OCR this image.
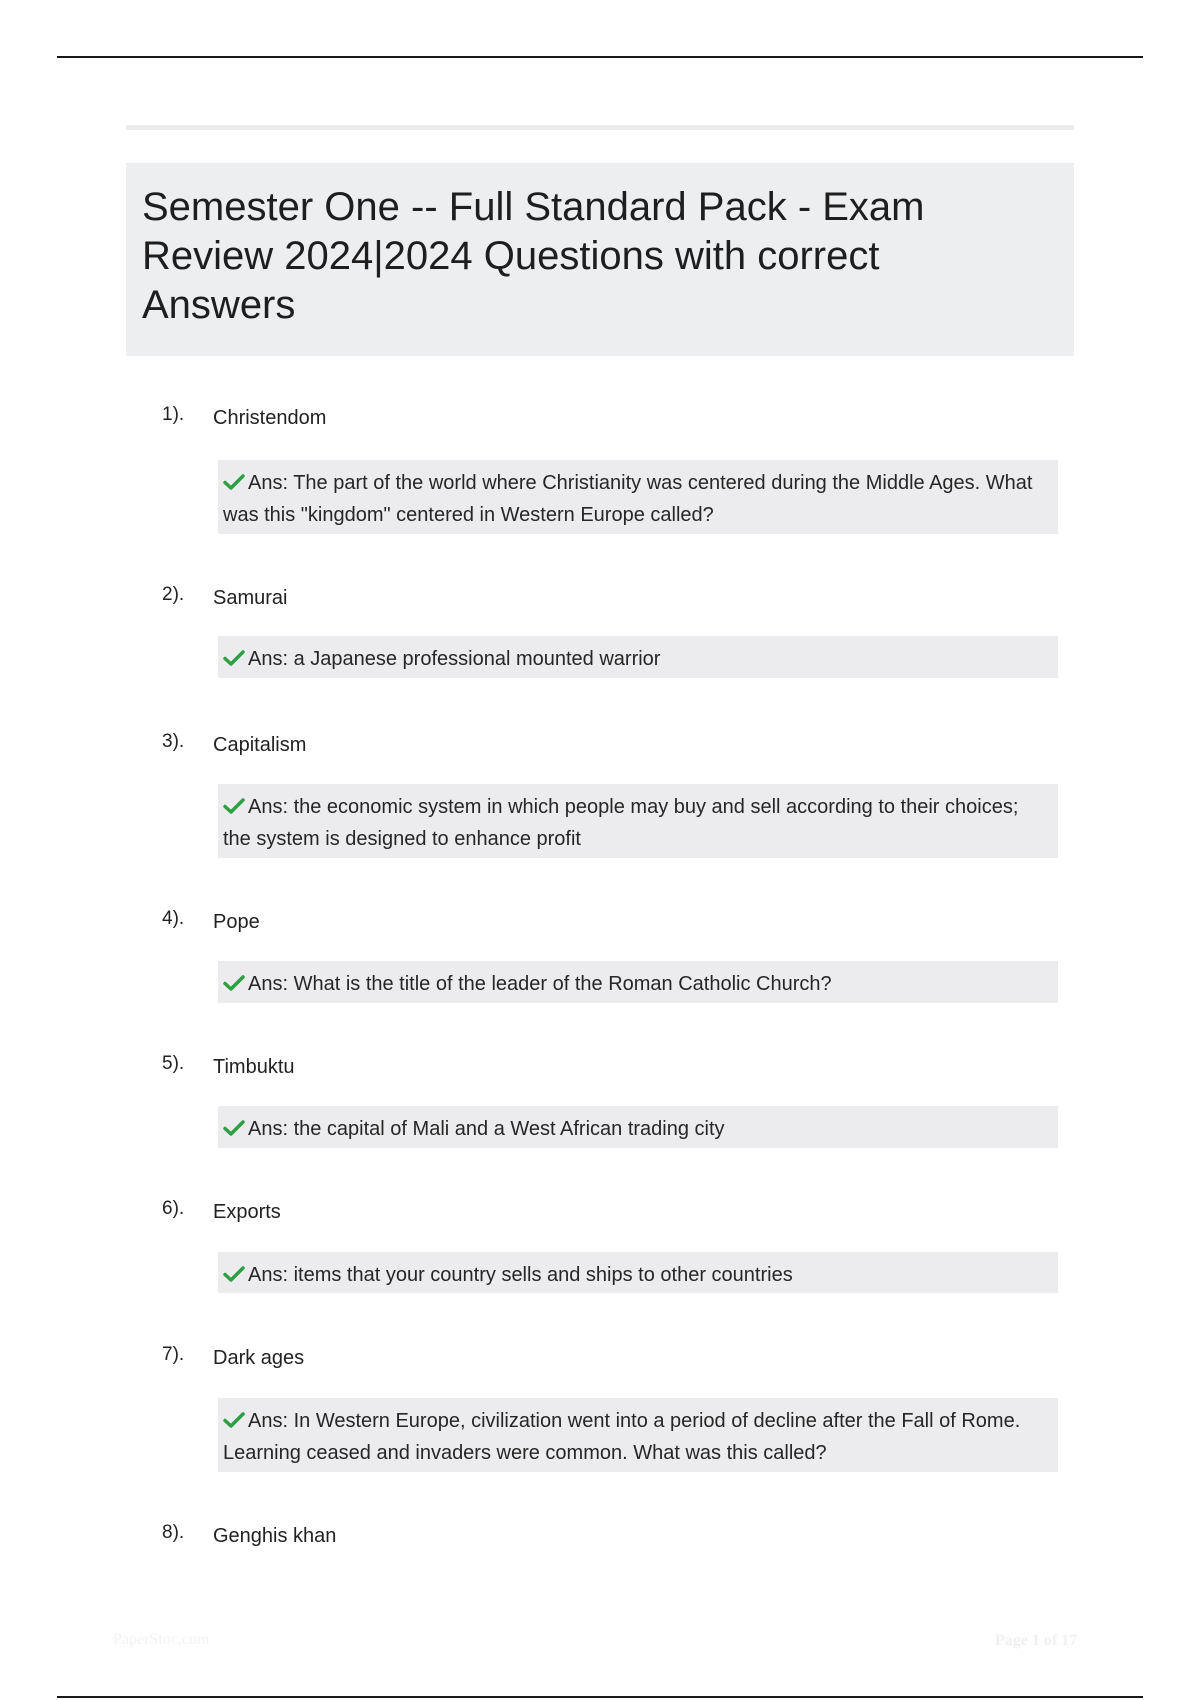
Semester One -- Full Standard Pack - Exam Review 2024|2024 Questions with correct Answers
1). Christendom
Ans: The part of the world where Christianity was centered during the Middle Ages. What was this "kingdom" centered in Western Europe called?
2). Samurai
Ans: a Japanese professional mounted warrior
3). Capitalism
Ans: the economic system in which people may buy and sell according to their choices; the system is designed to enhance profit
4). Pope
Ans: What is the title of the leader of the Roman Catholic Church?
5). Timbuktu
Ans: the capital of Mali and a West African trading city
6). Exports
Ans: items that your country sells and ships to other countries
7). Dark ages
Ans: In Western Europe, civilization went into a period of decline after the Fall of Rome. Learning ceased and invaders were common. What was this called?
8). Genghis khan
PaperStoc.com	Page 1 of 17
